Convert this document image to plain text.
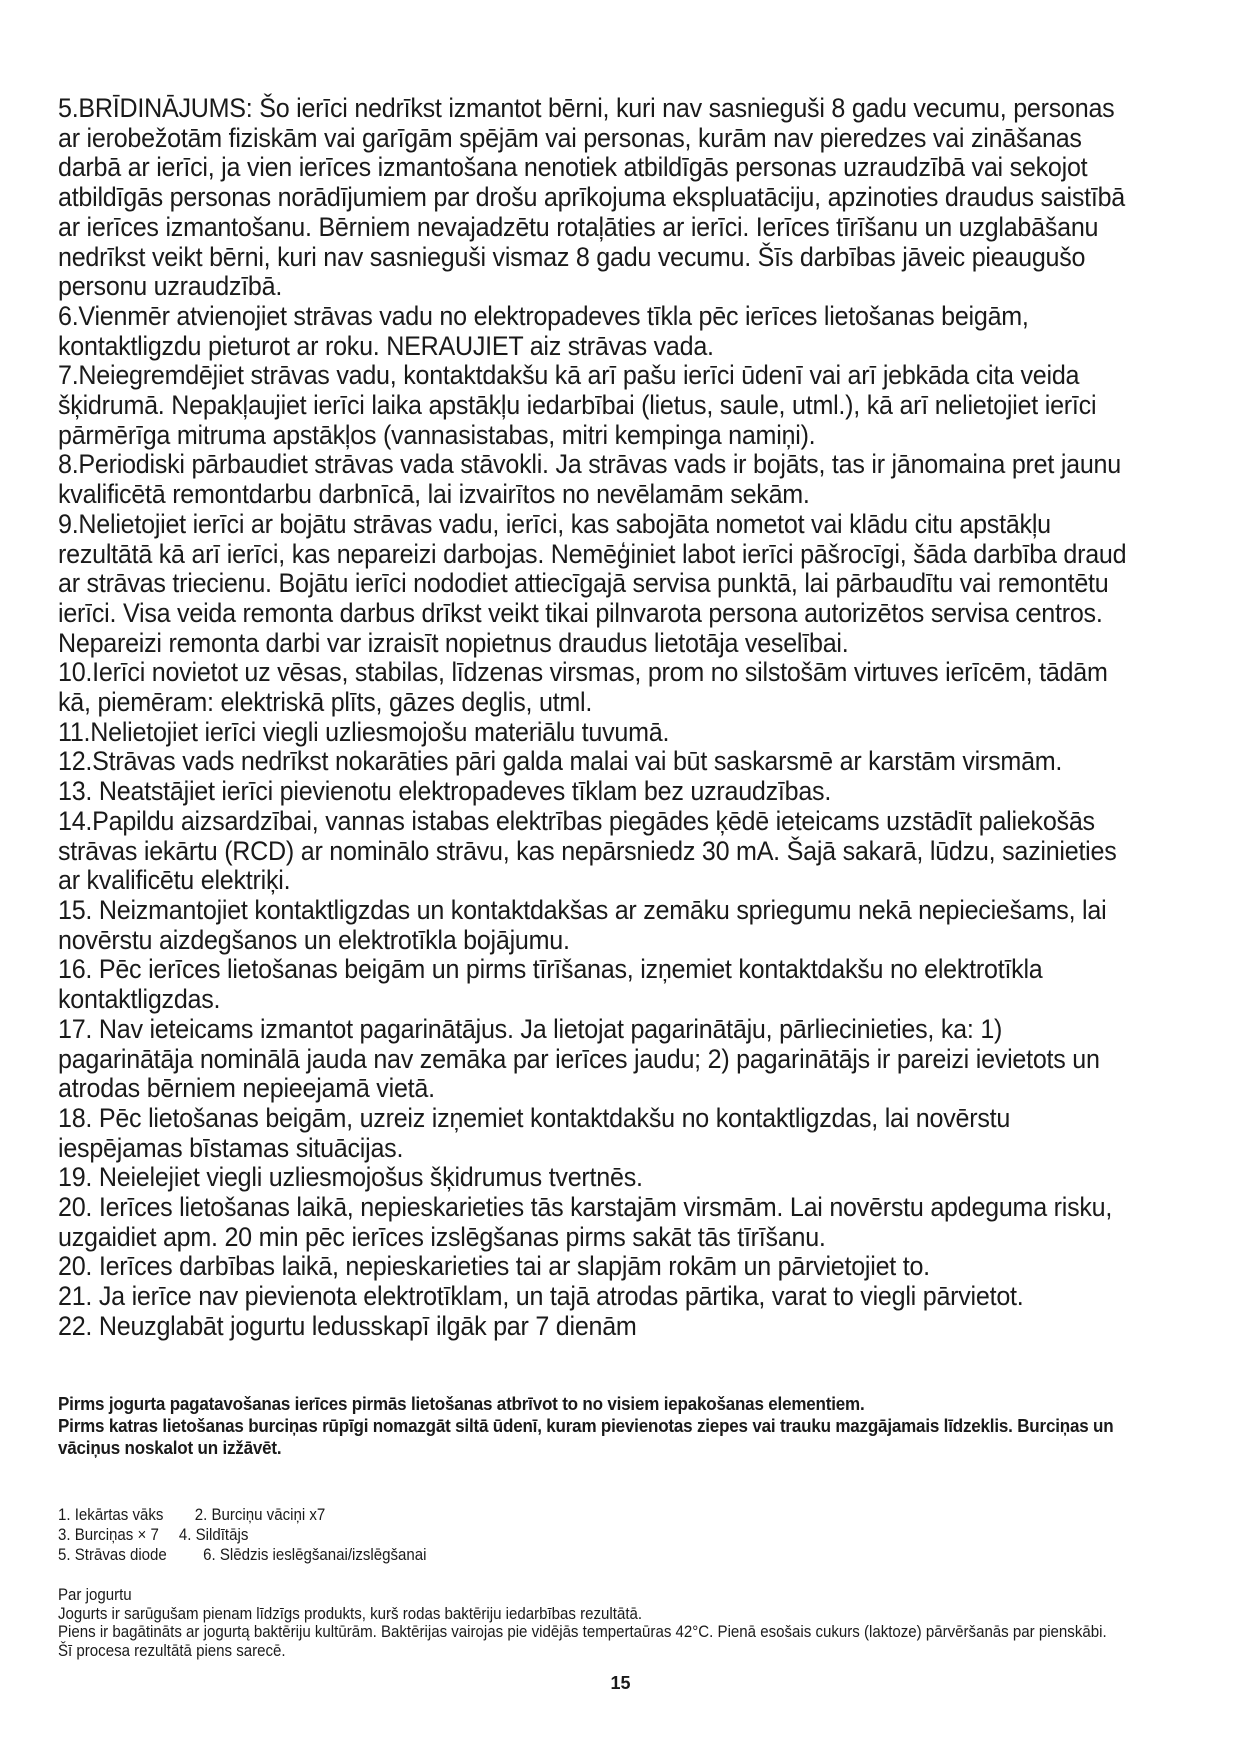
5.BRĪDINĀJUMS: Šo ierīci nedrīkst izmantot bērni, kuri nav sasnieguši 8 gadu vecumu, personas ar ierobežotām fiziskām vai garīgām spējām vai personas, kurām nav pieredzes vai zināšanas darbā ar ierīci, ja vien ierīces izmantošana nenotiek atbildīgās personas uzraudzībā vai sekojot atbildīgās personas norādījumiem par drošu aprīkojuma ekspluatāciju, apzinoties draudus saistībā ar ierīces izmantošanu. Bērniem nevajadzētu rotaļāties ar ierīci. Ierīces tīrīšanu un uzglabāšanu nedrīkst veikt bērni, kuri nav sasnieguši vismaz 8 gadu vecumu. Šīs darbības jāveic pieaugušo personu uzraudzībā.

6.Vienmēr atvienojiet strāvas vadu no elektropadeves tīkla pēc ierīces lietošanas beigām, kontaktligzdu pieturot ar roku. NERAUJIET aiz strāvas vada.

7.Neiegremdējiet strāvas vadu, kontaktdakšu kā arī pašu ierīci ūdenī vai arī jebkāda cita veida šķidrumā. Nepakļaujiet ierīci laika apstākļu iedarbībai (lietus, saule, utml.), kā arī nelietojiet ierīci pārmērīga mitruma apstākļos (vannasistabas, mitri kempinga namiņi).

8.Periodiski pārbaudiet strāvas vada stāvokli. Ja strāvas vads ir bojāts, tas ir jānomaina pret jaunu kvalificētā remontdarbu darbnīcā, lai izvairītos no nevēlamām sekām.

9.Nelietojiet ierīci ar bojātu strāvas vadu, ierīci, kas sabojāta nometot vai klādu citu apstākļu rezultātā kā arī ierīci, kas nepareizi darbojas. Nemēģiniet labot ierīci pāšrocīgi, šāda darbība draud ar strāvas triecienu. Bojātu ierīci nododiet attiecīgajā servisa punktā, lai pārbaudītu vai remontētu ierīci. Visa veida remonta darbus drīkst veikt tikai pilnvarota persona autorizētos servisa centros. Nepareizi remonta darbi var izraisīt nopietnus draudus lietotāja veselībai.

10.Ierīci novietot uz vēsas, stabilas, līdzenas virsmas, prom no silstošām virtuves ierīcēm, tādām kā, piemēram: elektriskā plīts, gāzes deglis, utml.

11.Nelietojiet ierīci viegli uzliesmojošu materiālu tuvumā.

12.Strāvas vads nedrīkst nokarāties pāri galda malai vai būt saskarsmē ar karstām virsmām.

13. Neatstājiet ierīci pievienotu elektropadeves tīklam bez uzraudzības.

14.Papildu aizsardzībai, vannas istabas elektrības piegādes ķēdē ieteicams uzstādīt paliekošās strāvas iekārtu (RCD) ar nominālo strāvu, kas nepārsniedz 30 mA. Šajā sakarā, lūdzu, sazinieties ar kvalificētu elektriķi.

15. Neizmantojiet kontaktligzdas un kontaktdakšas ar zemāku spriegumu nekā nepieciešams, lai novērstu aizdegšanos un elektrotīkla bojājumu.

16. Pēc ierīces lietošanas beigām un pirms tīrīšanas, izņemiet kontaktdakšu no elektrotīkla kontaktligzdas.

17. Nav ieteicams izmantot pagarinātājus. Ja lietojat pagarinātāju, pārliecinieties, ka: 1) pagarinātāja nominālā jauda nav zemāka par ierīces jaudu; 2) pagarinātājs ir pareizi ievietots un atrodas bērniem nepieejamā vietā.

18. Pēc lietošanas beigām, uzreiz izņemiet kontaktdakšu no kontaktligzdas, lai novērstu iespējamas bīstamas situācijas.

19. Neielejiet viegli uzliesmojošus šķidrumus tvertnēs.

20. Ierīces lietošanas laikā, nepieskarieties tās karstajām virsmām. Lai novērstu apdeguma risku, uzgaidiet apm. 20 min pēc ierīces izslēgšanas pirms sakāt tās tīrīšanu.

20. Ierīces darbības laikā, nepieskarieties tai ar slapjām rokām un pārvietojiet to.

21. Ja ierīce nav pievienota elektrotīklam, un tajā atrodas pārtika, varat to viegli pārvietot.

22. Neuzglabāt jogurtu ledusskapī ilgāk par 7 dienām

Pirms jogurta pagatavošanas ierīces pirmās lietošanas atbrīvot to no visiem iepakošanas elementiem.

Pirms katras lietošanas burciņas rūpīgi nomazgāt siltā ūdenī, kuram pievienotas ziepes vai trauku mazgājamais līdzeklis. Burciņas un vāciņus noskalot un izžāvēt.

1. Iekārtas vāks 2. Burciņu vāciņi x7
3. Burciņas × 7 4. Sildītājs
5. Strāvas diode 6. Slēdzis ieslēgšanai/izslēgšanai

Par jogurtu

Jogurts ir sarūgušam pienam līdzīgs produkts, kurš rodas baktēriju iedarbības rezultātā.

Piens ir bagātināts ar jogurtą baktēriju kultūrām. Baktērijas vairojas pie vidējās tempertaūras 42°C. Pienā esošais cukurs (laktoze) pārvēršanās par pienskābi. Šī procesa rezultātā piens sarecē.

15
